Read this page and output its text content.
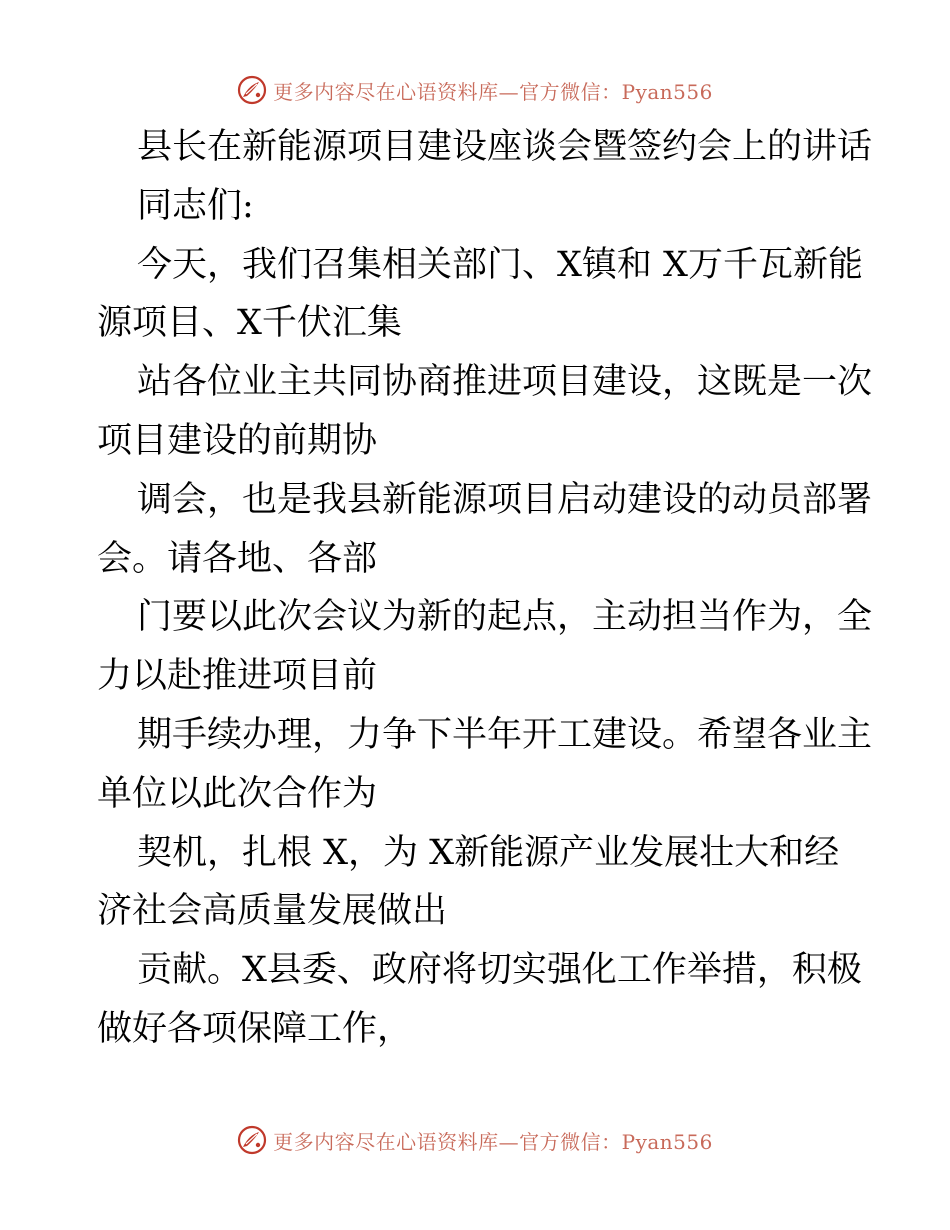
更多内容尽在心语资料库—官方微信：Pyan556
县长在新能源项目建设座谈会暨签约会上的讲话
同志们:
今天，我们召集相关部门、X镇和 X万千瓦新能
源项目、X千伏汇集
站各位业主共同协商推进项目建设，这既是一次
项目建设的前期协
调会，也是我县新能源项目启动建设的动员部署
会。请各地、各部
门要以此次会议为新的起点，主动担当作为，全
力以赴推进项目前
期手续办理，力争下半年开工建设。希望各业主
单位以此次合作为
契机，扎根 X，为 X新能源产业发展壮大和经
济社会高质量发展做出
贡献。X县委、政府将切实强化工作举措，积极
做好各项保障工作，
更多内容尽在心语资料库—官方微信：Pyan556
